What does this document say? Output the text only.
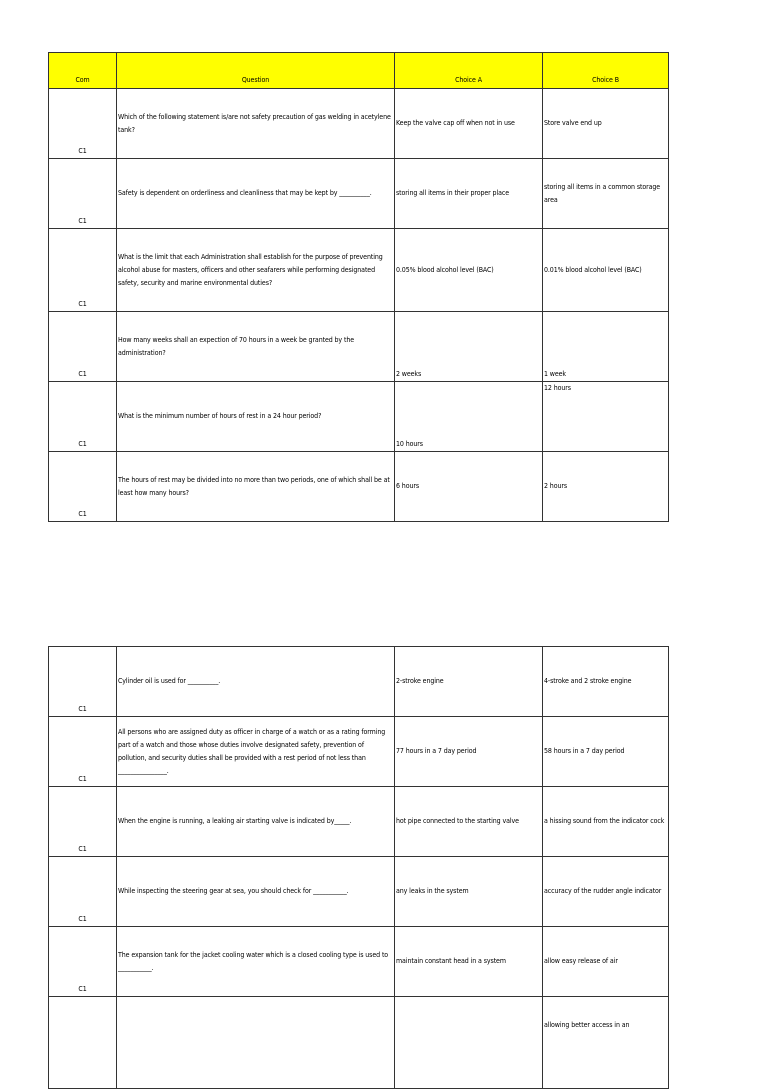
Com	Question	Choice A	Choice B
C1	Which of the following statement is/are not safety precaution of gas welding in acetylene tank?	Keep the valve cap off when not in use	Store valve end up
C1	Safety is dependent on orderliness and cleanliness that may be kept by __________.	storing all items in their proper place	storing all items in a common storage area
C1	What is the limit that each Administration shall establish for the purpose of preventing alcohol abuse for masters, officers and other seafarers while performing designated safety, security and marine environmental duties?	0.05% blood alcohol level (BAC)	0.01% blood alcohol level (BAC)
C1	How many weeks shall an expection of 70 hours in a week be granted by the administration?	2 weeks	1 week
C1	What is the minimum number of hours of rest in a 24 hour period?	10 hours	12 hours
C1	The hours of rest may be divided into no more than two periods, one of which shall be at least how many hours?	6 hours	2 hours
C1	Cylinder oil is used for __________.	2-stroke engine	4-stroke and 2 stroke engine
C1	All persons who are assigned duty as officer in charge of a watch or as a rating forming part of a watch and those whose duties involve designated safety, prevention of pollution, and security duties shall be provided with a rest period of not less than ________________.	77 hours in a 7 day period	58 hours in a 7 day period
C1	When the engine is running, a leaking air starting valve is indicated by_____.	hot pipe connected to the starting valve	a hissing sound from the indicator cock
C1	While inspecting the steering gear at sea, you should check for ___________.	any leaks in the system	accuracy of the rudder angle indicator
C1	The expansion tank for the jacket cooling water which is a closed cooling type is used to ___________.	maintain constant head in a system	allow easy release of air
			allowing better access in an
